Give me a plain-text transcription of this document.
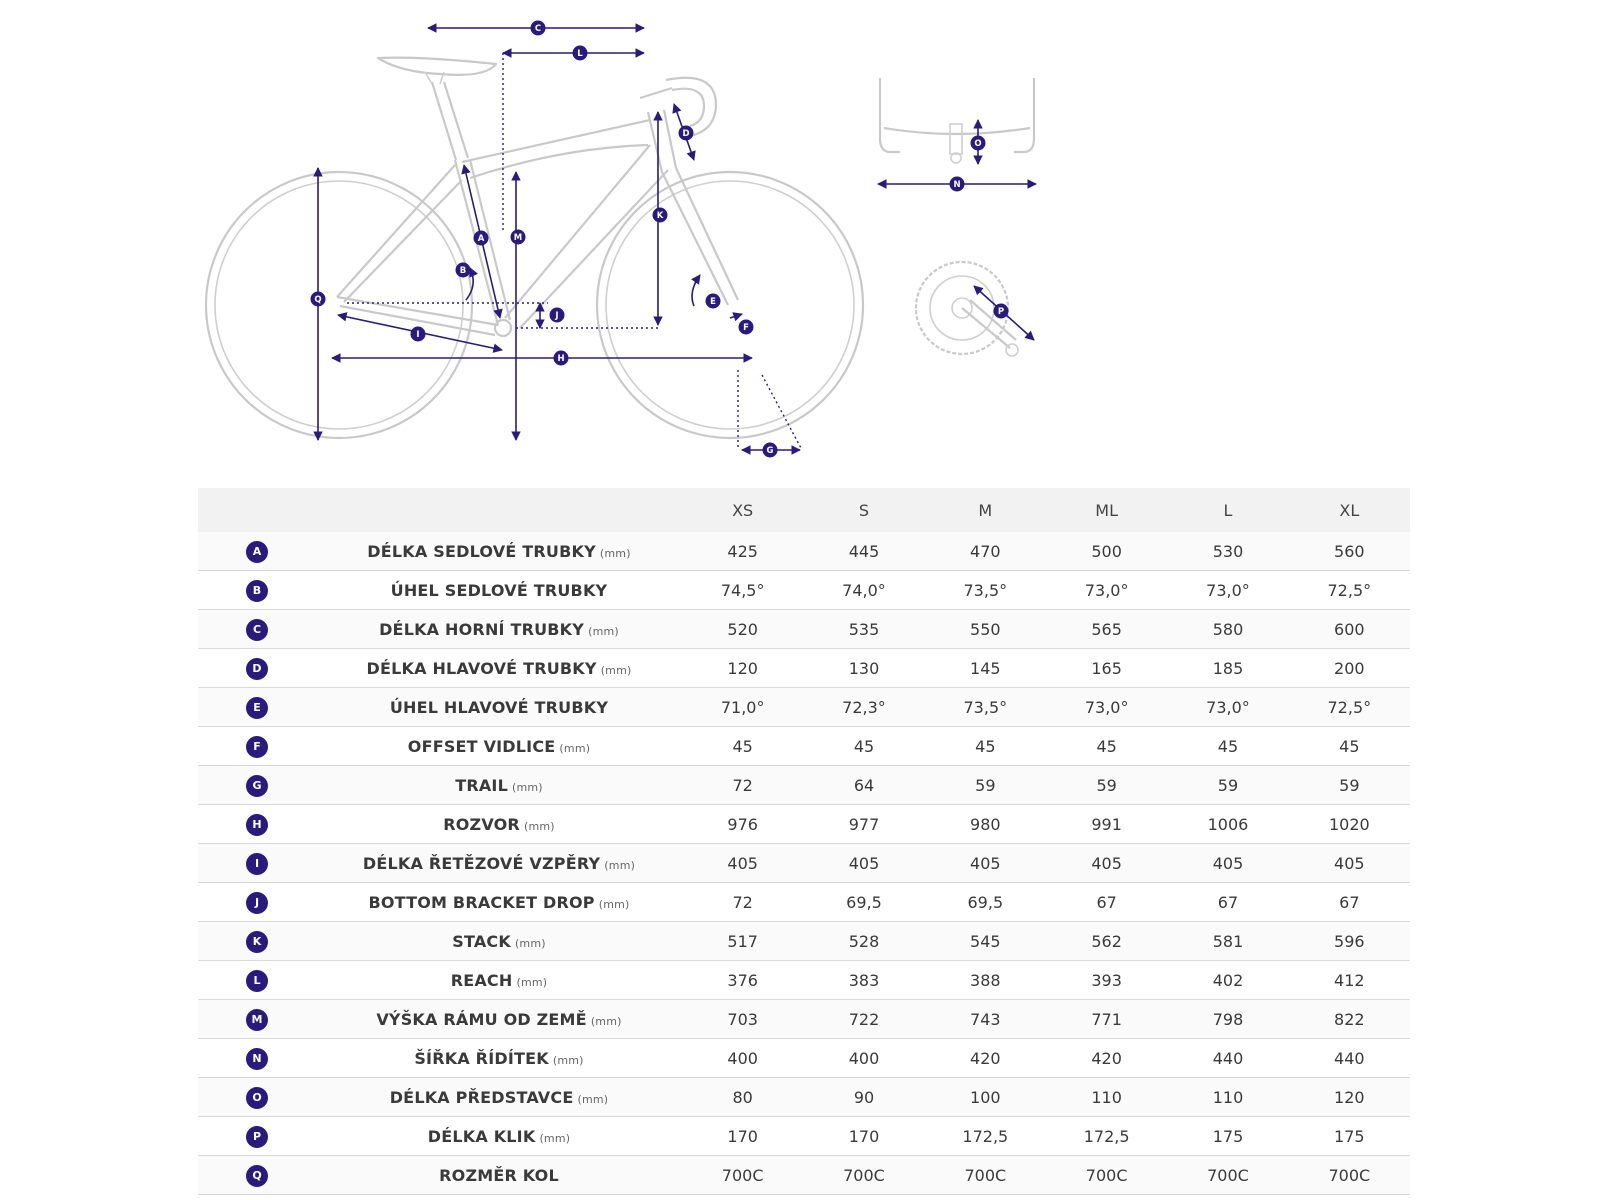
C
L
D
K
M
A
B
Q
J
E
F
I
H
G
O
N
P
		XS	S	M	ML	L	XL
A	DÉLKA SEDLOVÉ TRUBKY (mm)	425	445	470	500	530	560
B	ÚHEL SEDLOVÉ TRUBKY	74,5°	74,0°	73,5°	73,0°	73,0°	72,5°
C	DÉLKA HORNÍ TRUBKY (mm)	520	535	550	565	580	600
D	DÉLKA HLAVOVÉ TRUBKY (mm)	120	130	145	165	185	200
E	ÚHEL HLAVOVÉ TRUBKY	71,0°	72,3°	73,5°	73,0°	73,0°	72,5°
F	OFFSET VIDLICE (mm)	45	45	45	45	45	45
G	TRAIL (mm)	72	64	59	59	59	59
H	ROZVOR (mm)	976	977	980	991	1006	1020
I	DÉLKA ŘETĚZOVÉ VZPĚRY (mm)	405	405	405	405	405	405
J	BOTTOM BRACKET DROP (mm)	72	69,5	69,5	67	67	67
K	STACK (mm)	517	528	545	562	581	596
L	REACH (mm)	376	383	388	393	402	412
M	VÝŠKA RÁMU OD ZEMĚ (mm)	703	722	743	771	798	822
N	ŠÍŘKA ŘÍDÍTEK (mm)	400	400	420	420	440	440
O	DÉLKA PŘEDSTAVCE (mm)	80	90	100	110	110	120
P	DÉLKA KLIK (mm)	170	170	172,5	172,5	175	175
Q	ROZMĚR KOL	700C	700C	700C	700C	700C	700C
